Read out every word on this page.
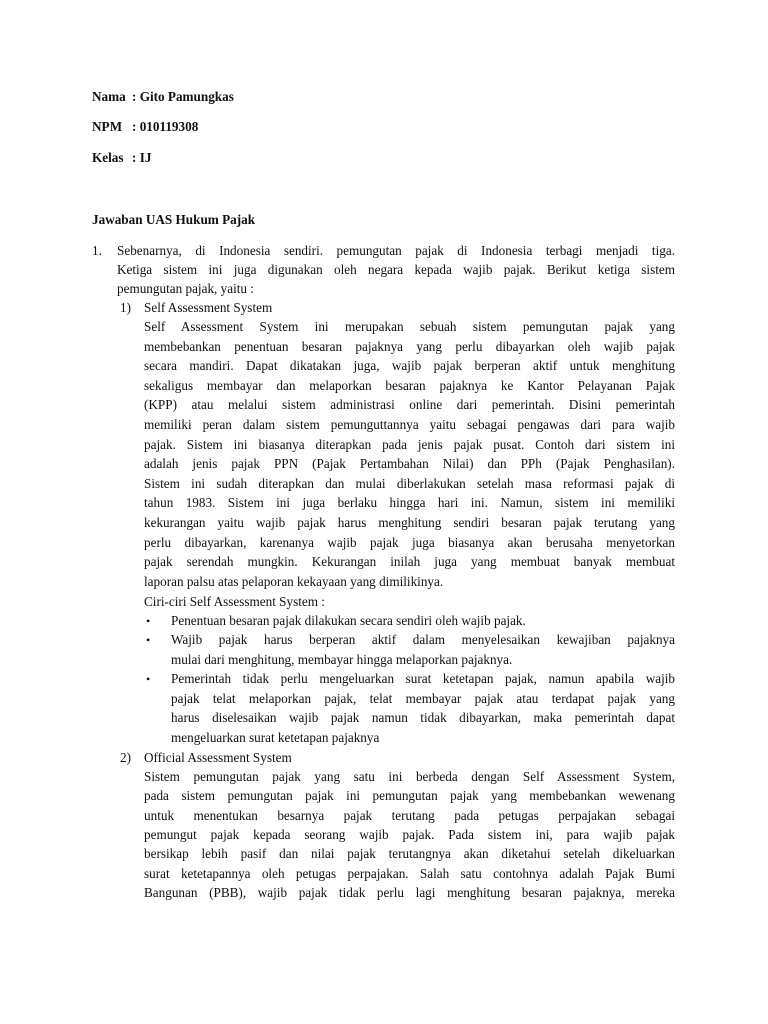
Nama : Gito Pamungkas
NPM : 010119308
Kelas : IJ
Jawaban UAS Hukum Pajak
1. Sebenarnya, di Indonesia sendiri. pemungutan pajak di Indonesia terbagi menjadi tiga.
Ketiga sistem ini juga digunakan oleh negara kepada wajib pajak. Berikut ketiga sistem
pemungutan pajak, yaitu :
1) Self Assessment System
Self Assessment System ini merupakan sebuah sistem pemungutan pajak yang
membebankan penentuan besaran pajaknya yang perlu dibayarkan oleh wajib pajak
secara mandiri. Dapat dikatakan juga, wajib pajak berperan aktif untuk menghitung
sekaligus membayar dan melaporkan besaran pajaknya ke Kantor Pelayanan Pajak
(KPP) atau melalui sistem administrasi online dari pemerintah. Disini pemerintah
memiliki peran dalam sistem pemunguttannya yaitu sebagai pengawas dari para wajib
pajak. Sistem ini biasanya diterapkan pada jenis pajak pusat. Contoh dari sistem ini
adalah jenis pajak PPN (Pajak Pertambahan Nilai) dan PPh (Pajak Penghasilan).
Sistem ini sudah diterapkan dan mulai diberlakukan setelah masa reformasi pajak di
tahun 1983. Sistem ini juga berlaku hingga hari ini. Namun, sistem ini memiliki
kekurangan yaitu wajib pajak harus menghitung sendiri besaran pajak terutang yang
perlu dibayarkan, karenanya wajib pajak juga biasanya akan berusaha menyetorkan
pajak serendah mungkin. Kekurangan inilah juga yang membuat banyak membuat
laporan palsu atas pelaporan kekayaan yang dimilikinya.
Ciri-ciri Self Assessment System :
• Penentuan besaran pajak dilakukan secara sendiri oleh wajib pajak.
• Wajib pajak harus berperan aktif dalam menyelesaikan kewajiban pajaknya
mulai dari menghitung, membayar hingga melaporkan pajaknya.
• Pemerintah tidak perlu mengeluarkan surat ketetapan pajak, namun apabila wajib
pajak telat melaporkan pajak, telat membayar pajak atau terdapat pajak yang
harus diselesaikan wajib pajak namun tidak dibayarkan, maka pemerintah dapat
mengeluarkan surat ketetapan pajaknya
2) Official Assessment System
Sistem pemungutan pajak yang satu ini berbeda dengan Self Assessment System,
pada sistem pemungutan pajak ini pemungutan pajak yang membebankan wewenang
untuk menentukan besarnya pajak terutang pada petugas perpajakan sebagai
pemungut pajak kepada seorang wajib pajak. Pada sistem ini, para wajib pajak
bersikap lebih pasif dan nilai pajak terutangnya akan diketahui setelah dikeluarkan
surat ketetapannya oleh petugas perpajakan. Salah satu contohnya adalah Pajak Bumi
Bangunan (PBB), wajib pajak tidak perlu lagi menghitung besaran pajaknya, mereka
